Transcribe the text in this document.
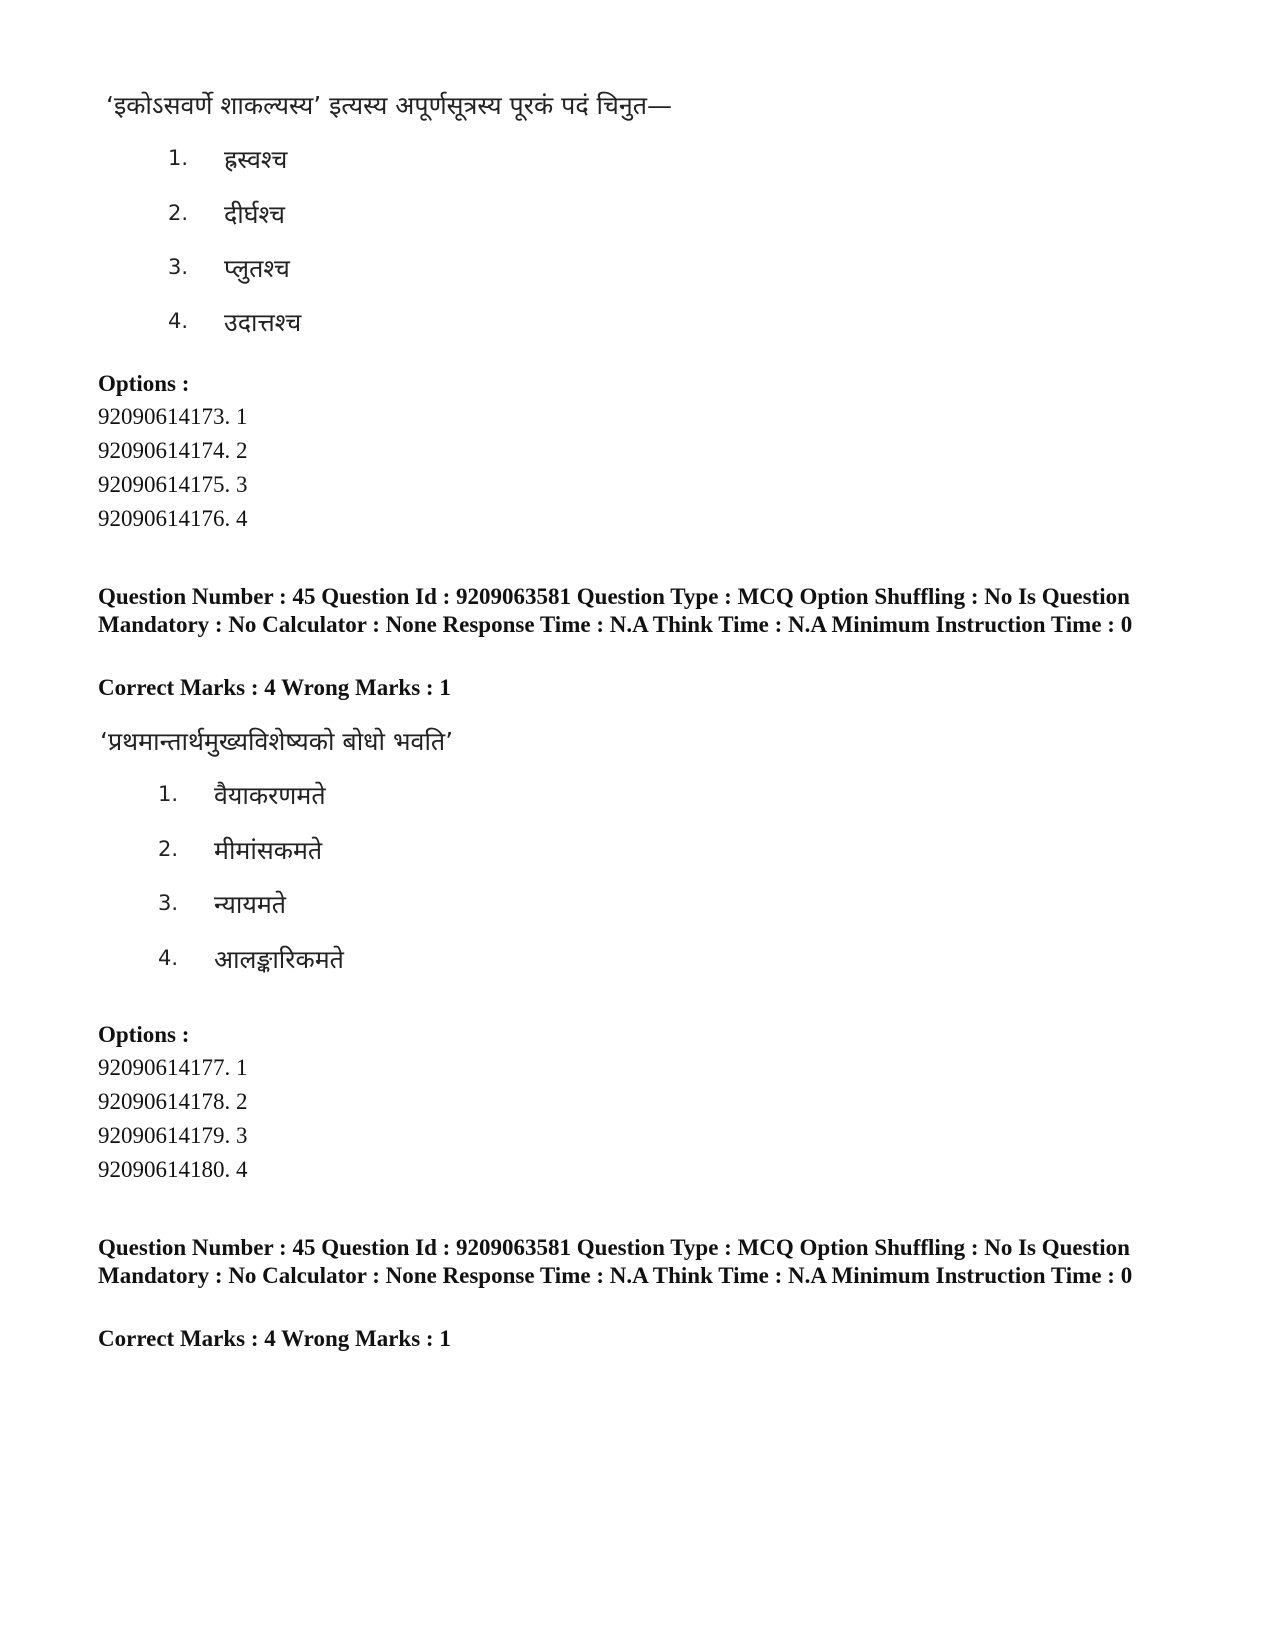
‘इकोऽसवर्णे शाकल्यस्य’ इत्यस्य अपूर्णसूत्रस्य पूरकं पदं चिनुत—
1. ह्रस्वश्च
2. दीर्घश्च
3. प्लुतश्च
4. उदात्तश्च
Options :
92090614173. 1
92090614174. 2
92090614175. 3
92090614176. 4
Question Number : 45 Question Id : 9209063581 Question Type : MCQ Option Shuffling : No Is Question Mandatory : No Calculator : None Response Time : N.A Think Time : N.A Minimum Instruction Time : 0
Correct Marks : 4 Wrong Marks : 1
‘प्रथमान्तार्थमुख्यविशेष्यको बोधो भवति’
1. वैयाकरणमते
2. मीमांसकमते
3. न्यायमते
4. आलङ्कारिकमते
Options :
92090614177. 1
92090614178. 2
92090614179. 3
92090614180. 4
Question Number : 45 Question Id : 9209063581 Question Type : MCQ Option Shuffling : No Is Question Mandatory : No Calculator : None Response Time : N.A Think Time : N.A Minimum Instruction Time : 0
Correct Marks : 4 Wrong Marks : 1
